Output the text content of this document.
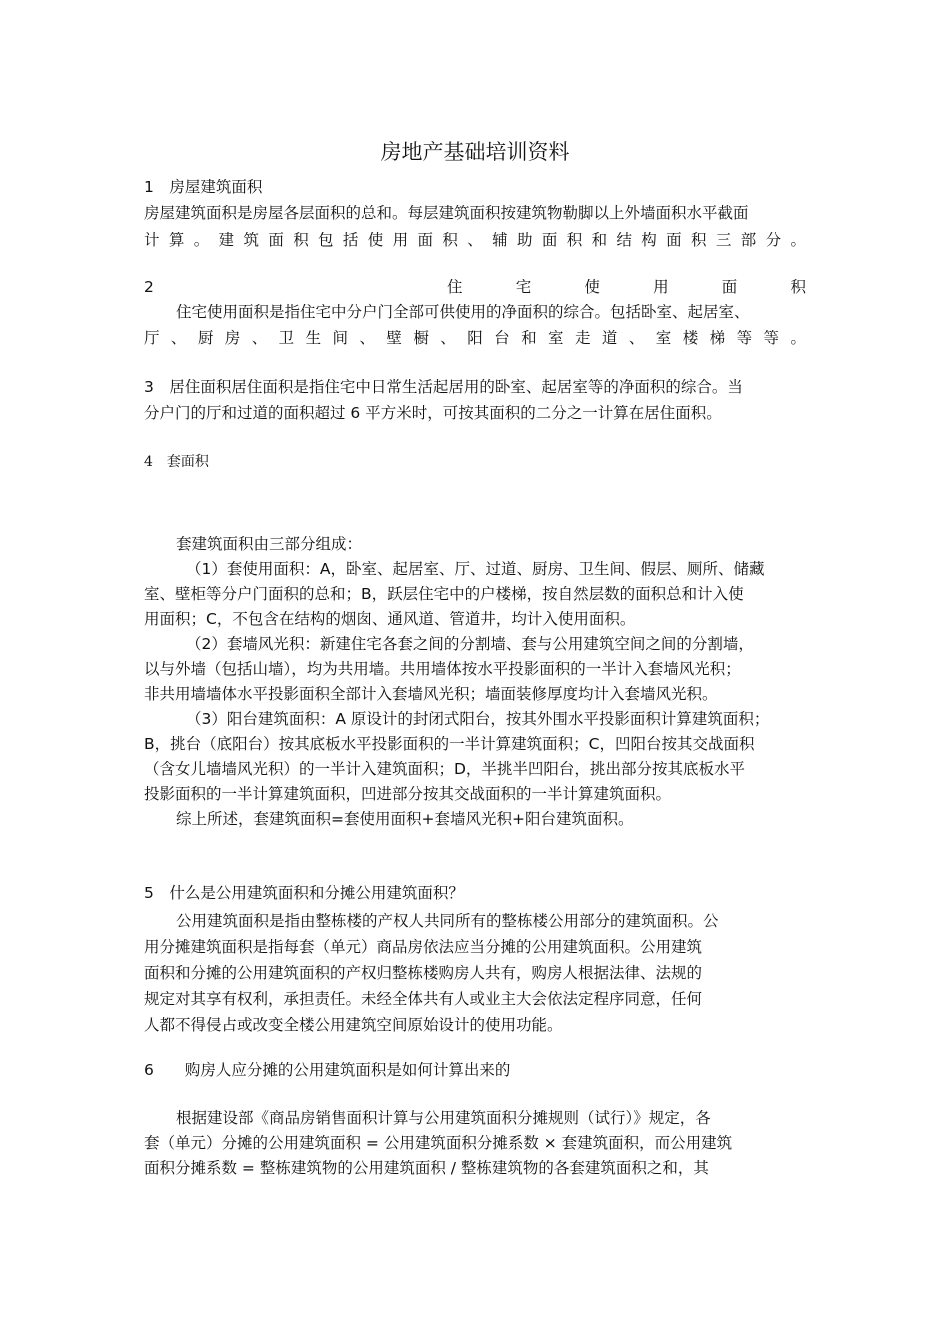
房地产基础培训资料
1　房屋建筑面积
房屋建筑面积是房屋各层面积的总和。每层建筑面积按建筑物勒脚以上外墙面积水平截面
计 算 。 建 筑 面 积 包 括 使 用 面 积 、 辅 助 面 积 和 结 构 面 积 三 部 分 。
2	住	宅	使	用	面	积
住宅使用面积是指住宅中分户门全部可供使用的净面积的综合。包括卧室、起居室、
厅 、 厨 房 、 卫 生 间 、 壁 橱 、 阳 台 和 室 走 道 、 室 楼 梯 等 等 。
3　居住面积居住面积是指住宅中日常生活起居用的卧室、起居室等的净面积的综合。当
分户门的厅和过道的面积超过 6 平方米时，可按其面积的二分之一计算在居住面积。
4　套面积
套建筑面积由三部分组成：
（1）套使用面积：A，卧室、起居室、厅、过道、厨房、卫生间、假层、厕所、储藏
室、壁柜等分户门面积的总和；B，跃层住宅中的户楼梯，按自然层数的面积总和计入使
用面积；C，不包含在结构的烟囱、通风道、管道井，均计入使用面积。
（2）套墙风光积：新建住宅各套之间的分割墙、套与公用建筑空间之间的分割墙，
以与外墙（包括山墙），均为共用墙。共用墙体按水平投影面积的一半计入套墙风光积；
非共用墙墙体水平投影面积全部计入套墙风光积；墙面装修厚度均计入套墙风光积。
（3）阳台建筑面积：A 原设计的封闭式阳台，按其外围水平投影面积计算建筑面积；
B，挑台（底阳台）按其底板水平投影面积的一半计算建筑面积；C，凹阳台按其交战面积
（含女儿墙墙风光积）的一半计入建筑面积；D，半挑半凹阳台，挑出部分按其底板水平
投影面积的一半计算建筑面积，凹进部分按其交战面积的一半计算建筑面积。
综上所述，套建筑面积=套使用面积+套墙风光积+阳台建筑面积。
5　什么是公用建筑面积和分摊公用建筑面积？
公用建筑面积是指由整栋楼的产权人共同所有的整栋楼公用部分的建筑面积。公
用分摊建筑面积是指每套（单元）商品房依法应当分摊的公用建筑面积。公用建筑
面积和分摊的公用建筑面积的产权归整栋楼购房人共有，购房人根据法律、法规的
规定对其享有权利，承担责任。未经全体共有人或业主大会依法定程序同意，任何
人都不得侵占或改变全楼公用建筑空间原始设计的使用功能。
6　　购房人应分摊的公用建筑面积是如何计算出来的
根据建设部《商品房销售面积计算与公用建筑面积分摊规则（试行）》规定，各
套（单元）分摊的公用建筑面积 = 公用建筑面积分摊系数 × 套建筑面积，而公用建筑
面积分摊系数 = 整栋建筑物的公用建筑面积 / 整栋建筑物的各套建筑面积之和，其
